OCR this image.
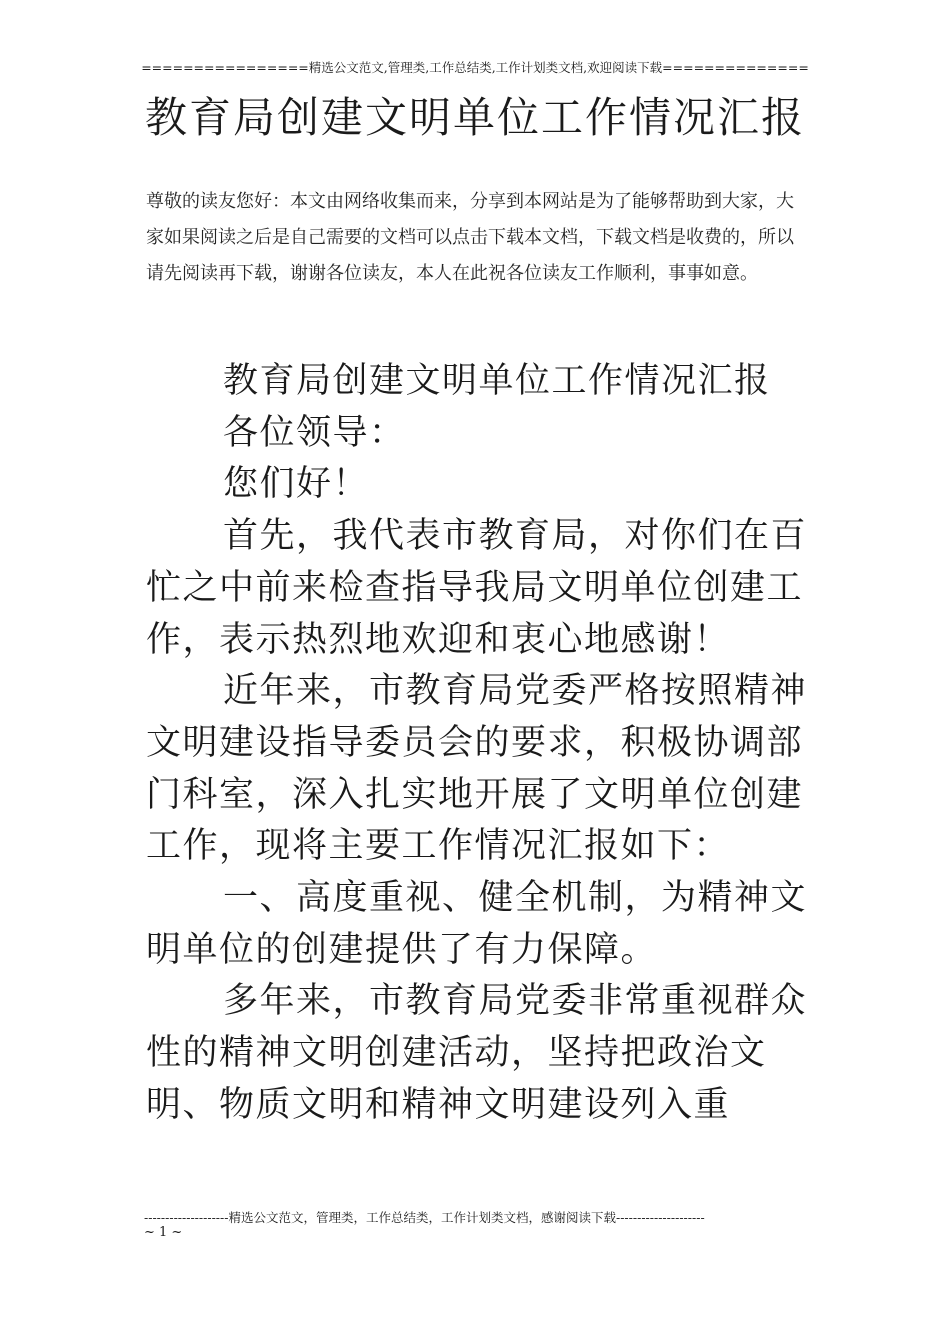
================精选公文范文,管理类,工作总结类,工作计划类文档,欢迎阅读下载==============
教育局创建文明单位工作情况汇报
尊敬的读友您好：本文由网络收集而来，分享到本网站是为了能够帮助到大家，大家如果阅读之后是自己需要的文档可以点击下载本文档，下载文档是收费的，所以请先阅读再下载，谢谢各位读友，本人在此祝各位读友工作顺利，事事如意。

教育局创建文明单位工作情况汇报

各位领导：

您们好！

首先，我代表市教育局，对你们在百忙之中前来检查指导我局文明单位创建工作，表示热烈地欢迎和衷心地感谢！

近年来，市教育局党委严格按照精神文明建设指导委员会的要求，积极协调部门科室，深入扎实地开展了文明单位创建工作，现将主要工作情况汇报如下：

一、高度重视、健全机制，为精神文明单位的创建提供了有力保障。

多年来，市教育局党委非常重视群众性的精神文明创建活动，坚持把政治文明、物质文明和精神文明建设列入重

--------------------精选公文范文，管理类，工作总结类，工作计划类文档，感谢阅读下载---------------------
~ 1 ~
